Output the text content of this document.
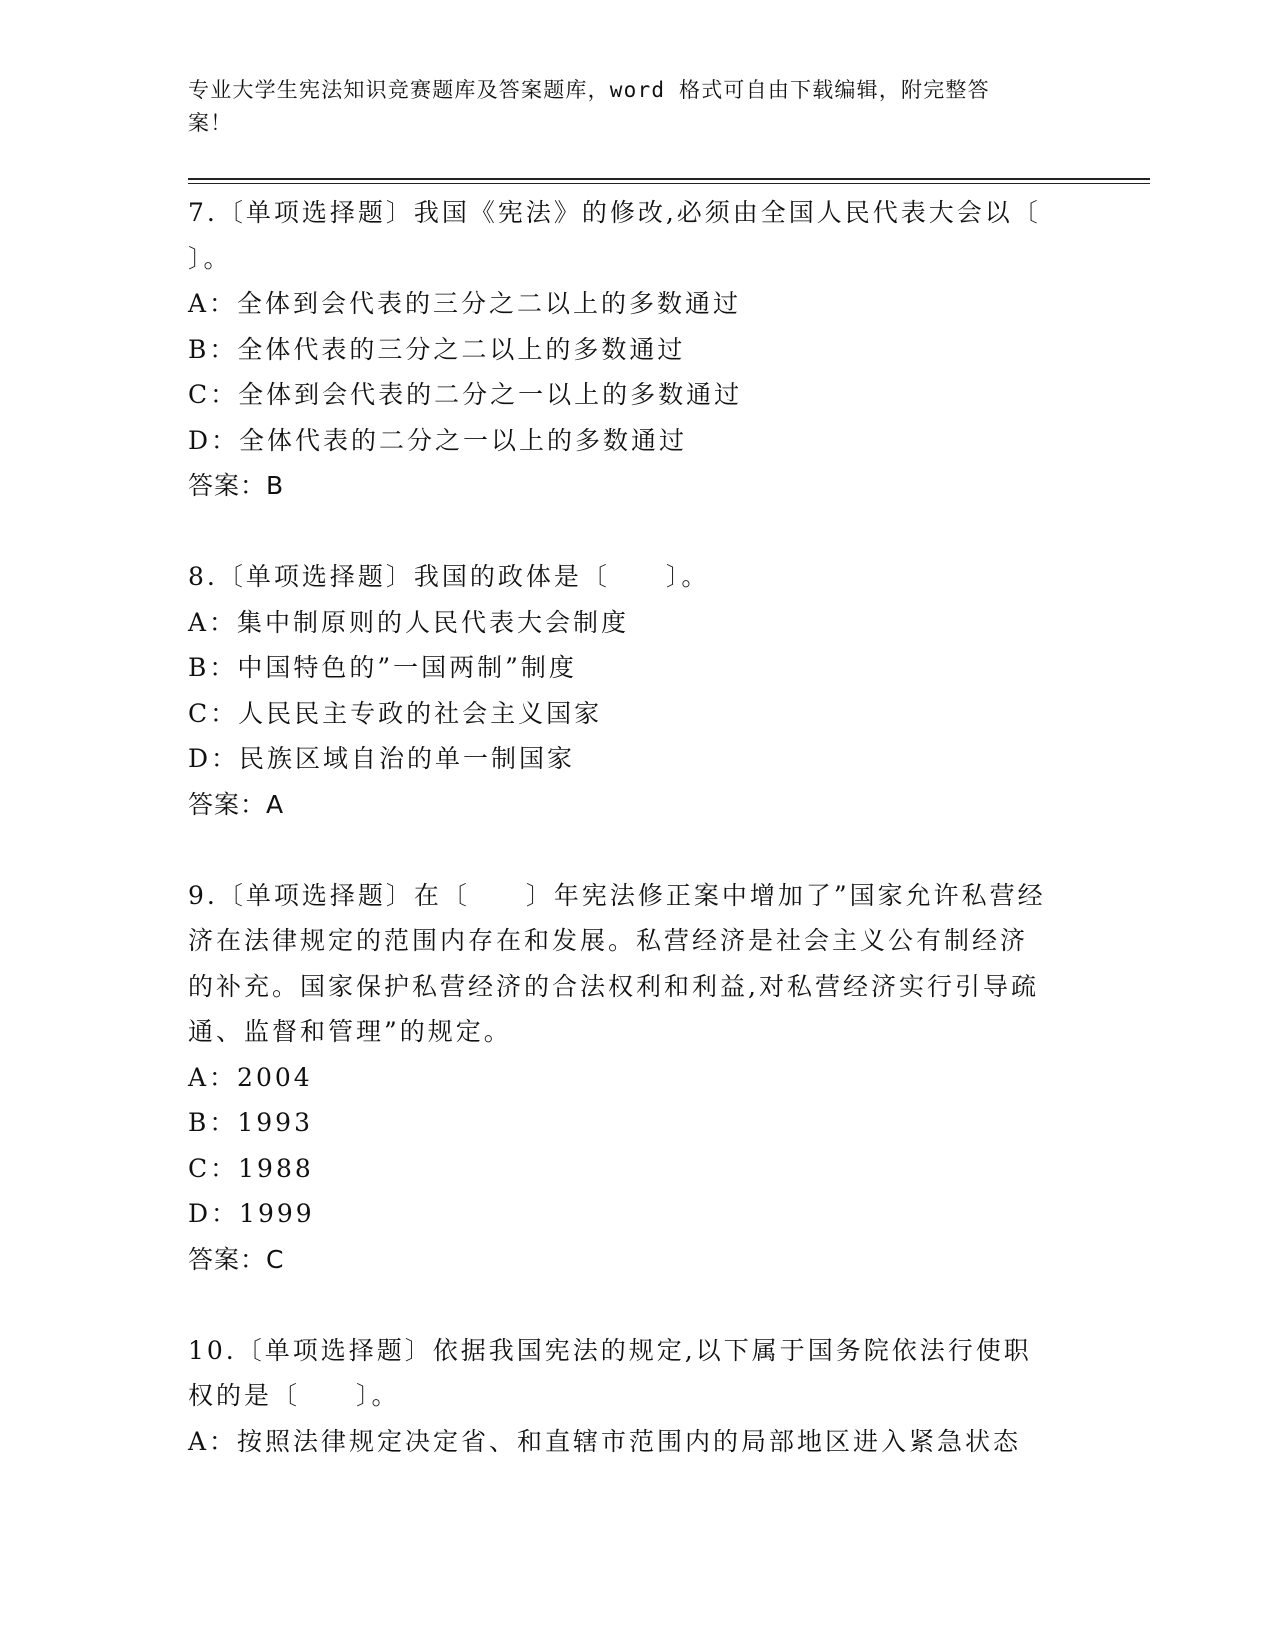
专业大学生宪法知识竞赛题库及答案题库，word 格式可自由下载编辑，附完整答
案！
7.〔单项选择题〕我国《宪法》的修改,必须由全国人民代表大会以〔
〕。
A：全体到会代表的三分之二以上的多数通过
B：全体代表的三分之二以上的多数通过
C：全体到会代表的二分之一以上的多数通过
D：全体代表的二分之一以上的多数通过
答案：B
8.〔单项选择题〕我国的政体是〔　　〕。
A：集中制原则的人民代表大会制度
B：中国特色的”一国两制”制度
C：人民民主专政的社会主义国家
D：民族区域自治的单一制国家
答案：A
9.〔单项选择题〕在〔　　〕年宪法修正案中增加了”国家允许私营经
济在法律规定的范围内存在和发展。私营经济是社会主义公有制经济
的补充。国家保护私营经济的合法权利和利益,对私营经济实行引导疏
通、监督和管理”的规定。
A：2004
B：1993
C：1988
D：1999
答案：C
10.〔单项选择题〕依据我国宪法的规定,以下属于国务院依法行使职
权的是〔　　〕。
A：按照法律规定决定省、和直辖市范围内的局部地区进入紧急状态
